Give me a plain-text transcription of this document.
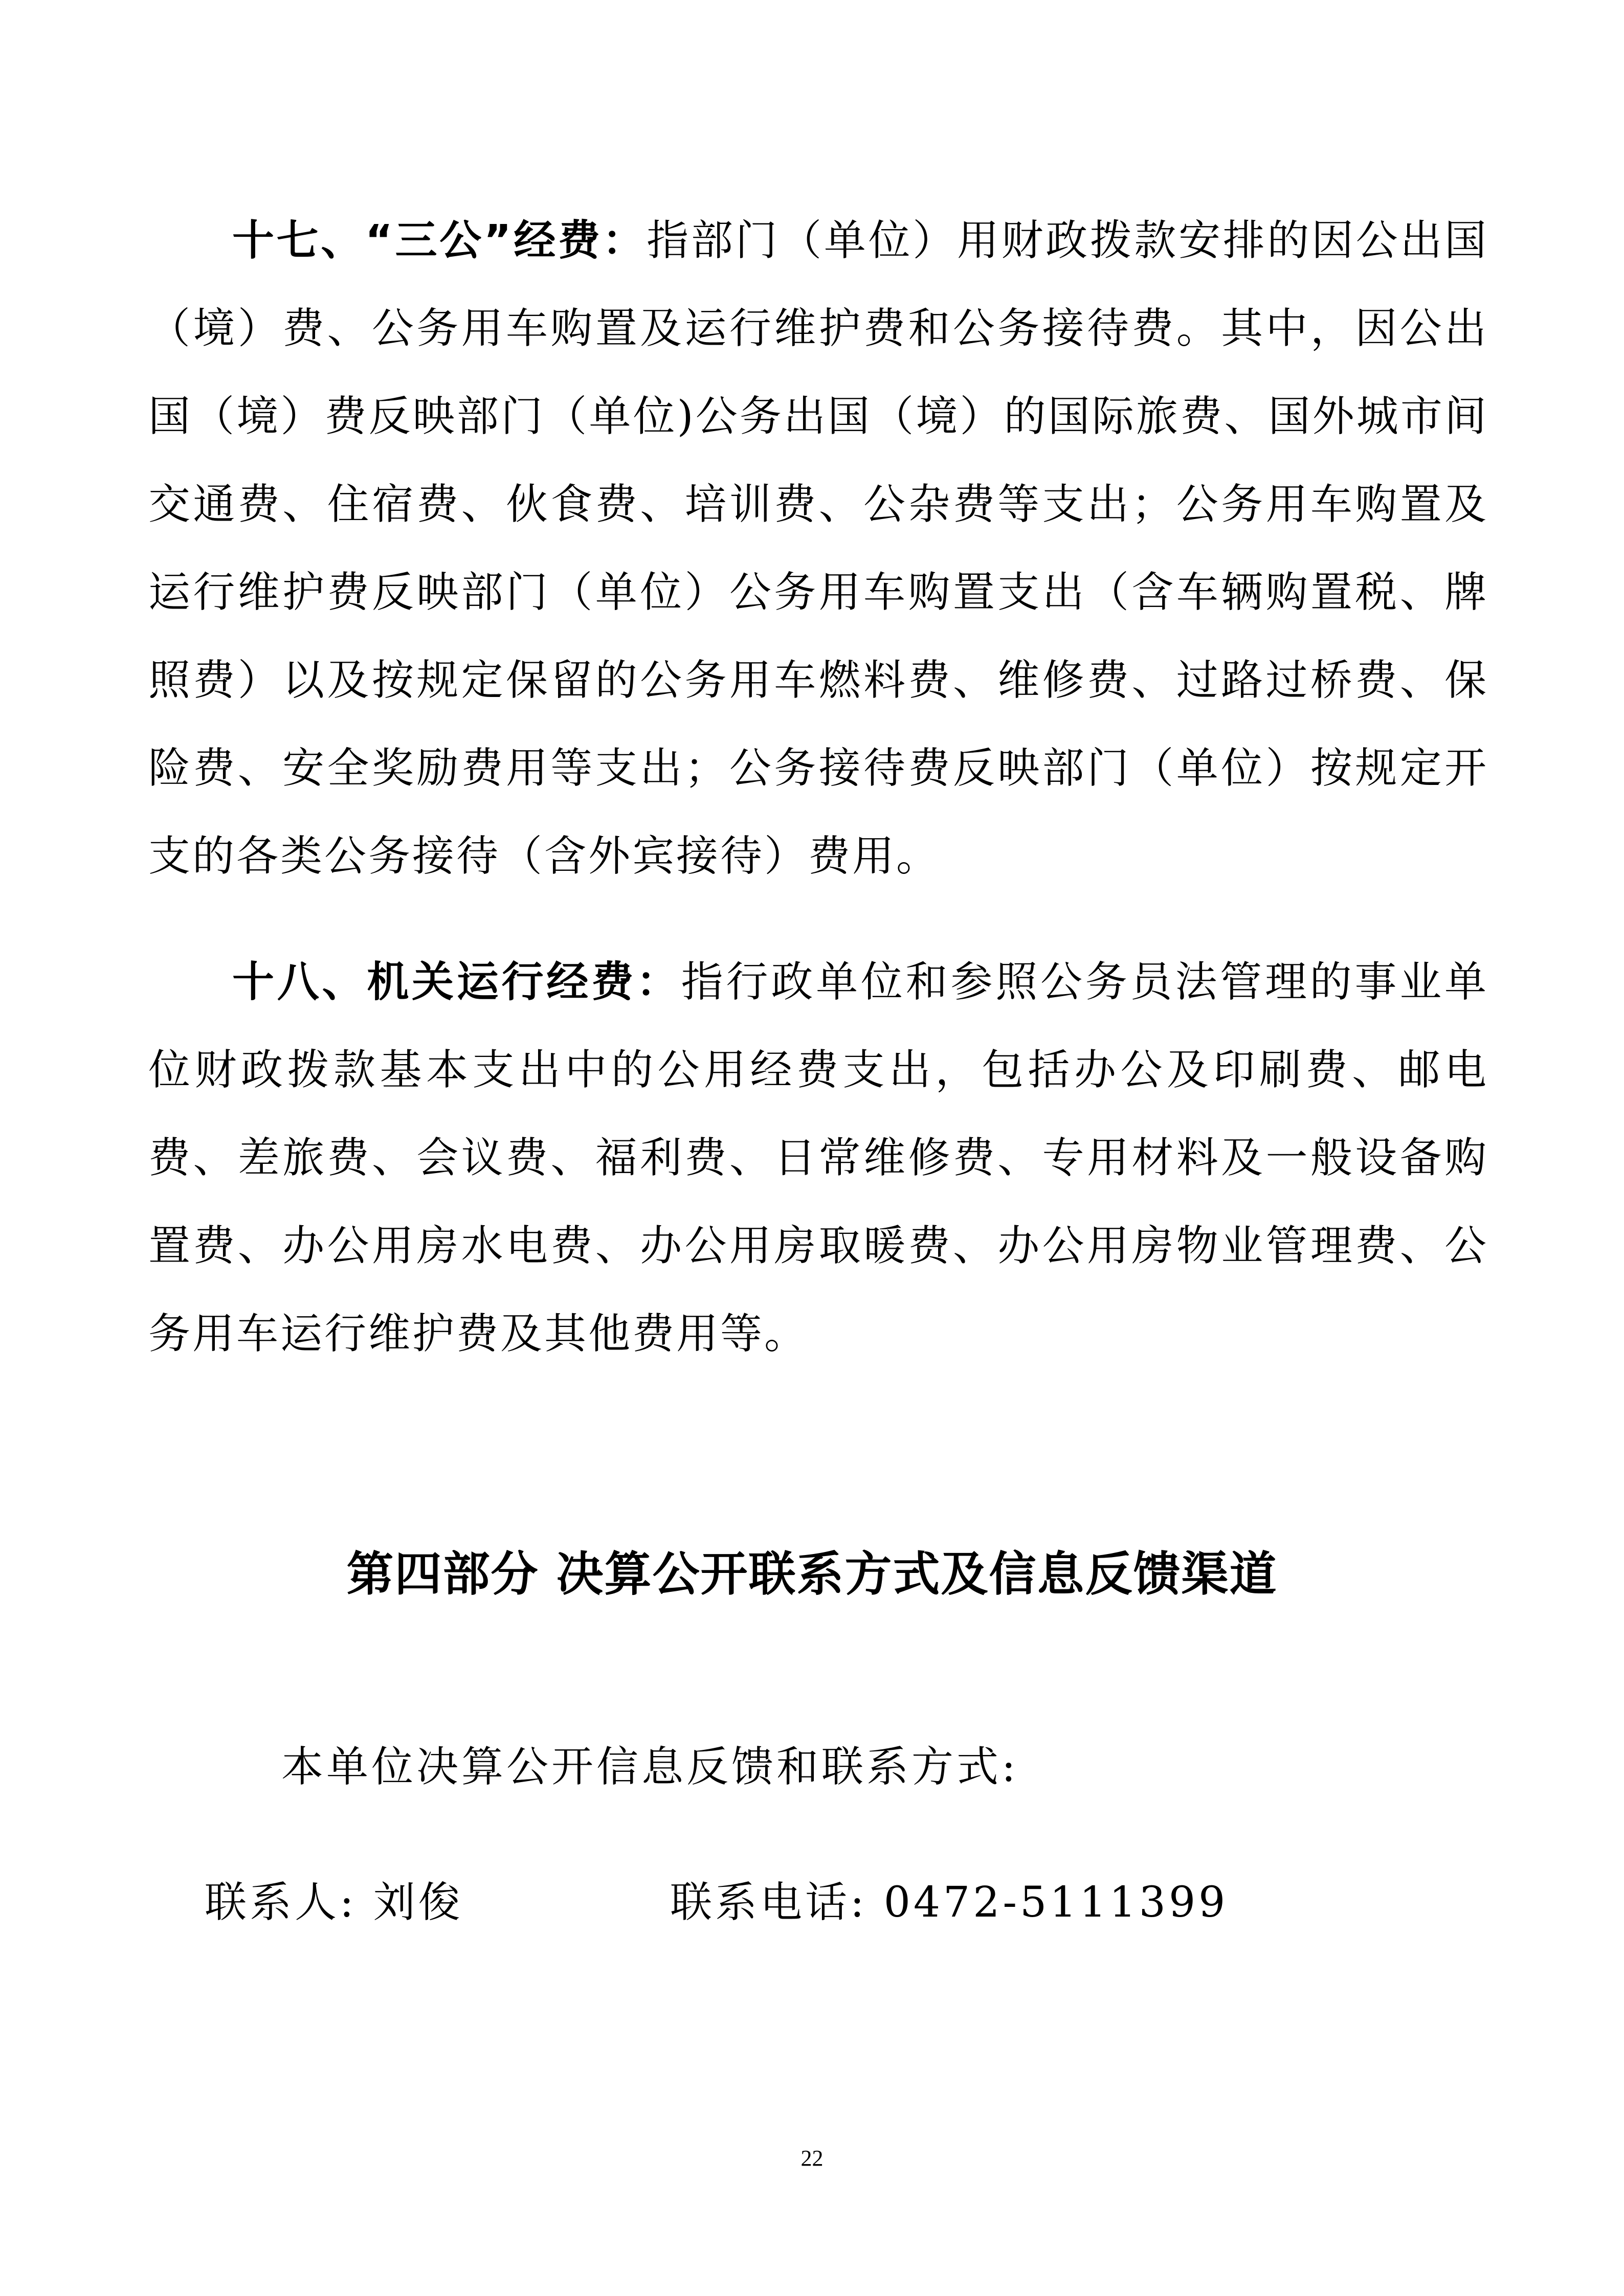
十七、“三公”经费：指部门（单位）用财政拨款安排的因公出国（境）费、公务用车购置及运行维护费和公务接待费。其中，因公出国（境）费反映部门（单位)公务出国（境）的国际旅费、国外城市间交通费、住宿费、伙食费、培训费、公杂费等支出；公务用车购置及运行维护费反映部门（单位）公务用车购置支出（含车辆购置税、牌照费）以及按规定保留的公务用车燃料费、维修费、过路过桥费、保险费、安全奖励费用等支出；公务接待费反映部门（单位）按规定开支的各类公务接待（含外宾接待）费用。

十八、机关运行经费：指行政单位和参照公务员法管理的事业单位财政拨款基本支出中的公用经费支出，包括办公及印刷费、邮电费、差旅费、会议费、福利费、日常维修费、专用材料及一般设备购置费、办公用房水电费、办公用房取暖费、办公用房物业管理费、公务用车运行维护费及其他费用等。

第四部分 决算公开联系方式及信息反馈渠道

本单位决算公开信息反馈和联系方式:

联系人: 刘俊	联系电话: 0472-5111399

22
